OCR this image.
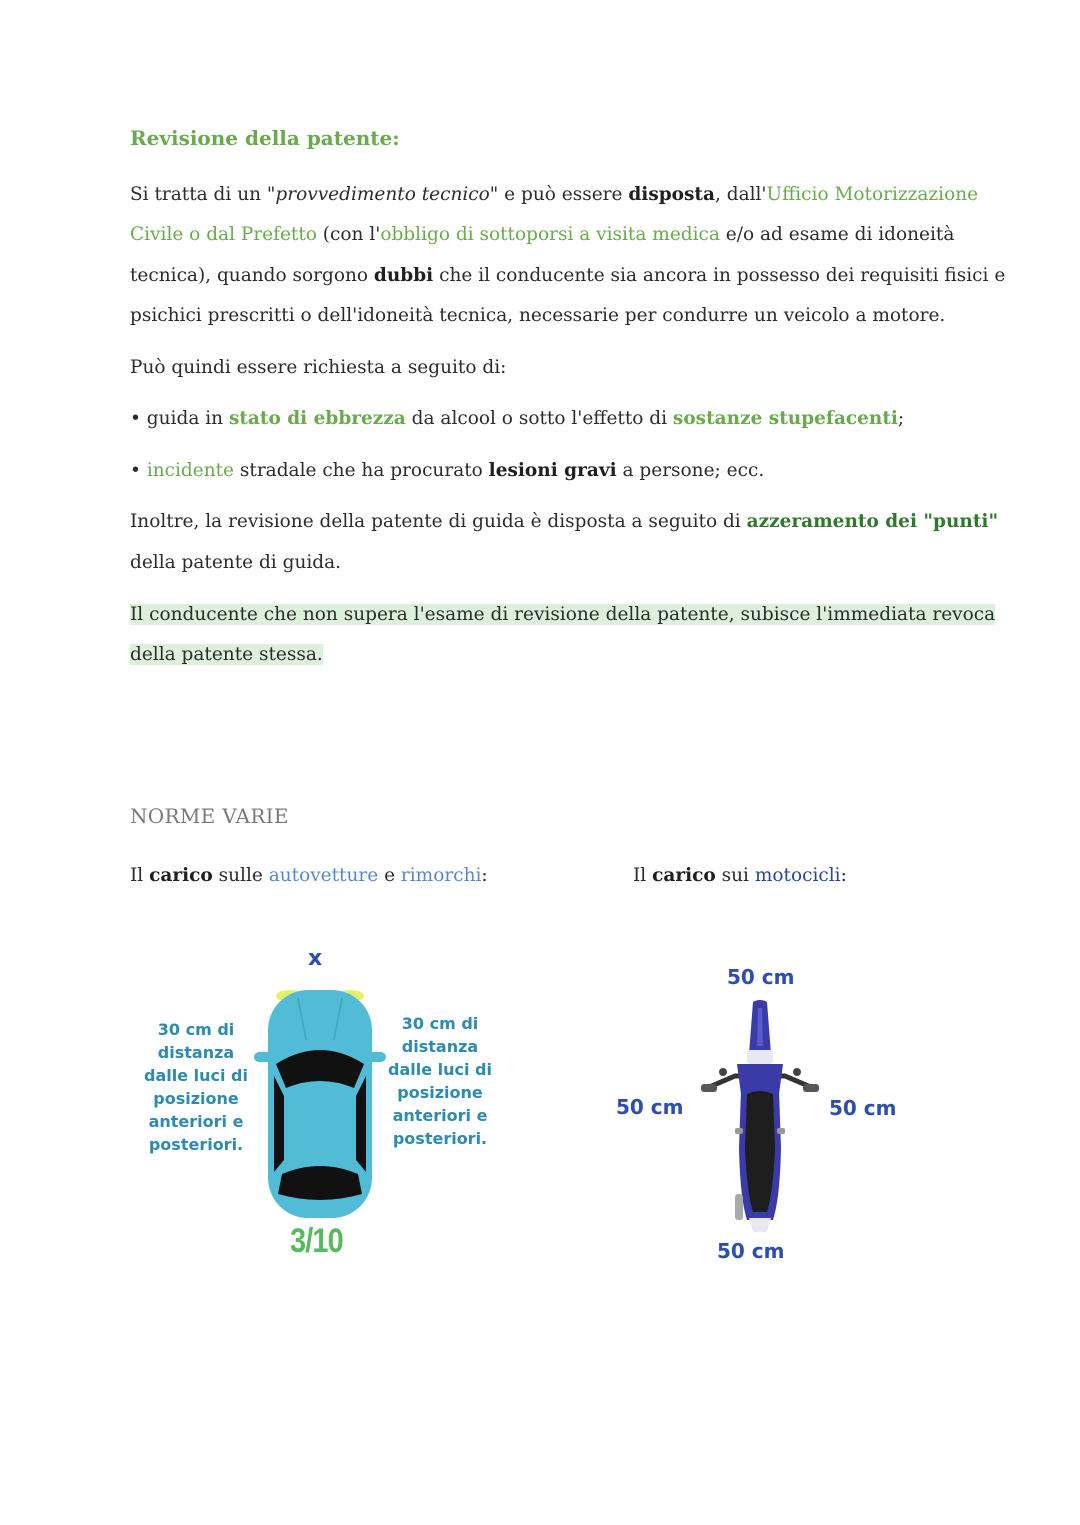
Revisione della patente:
Si tratta di un "provvedimento tecnico" e può essere disposta, dall'Ufficio Motorizzazione
Civile o dal Prefetto (con l'obbligo di sottoporsi a visita medica e/o ad esame di idoneità
tecnica), quando sorgono dubbi che il conducente sia ancora in possesso dei requisiti fisici e
psichici prescritti o dell'idoneità tecnica, necessarie per condurre un veicolo a motore.
Può quindi essere richiesta a seguito di:
• guida in stato di ebbrezza da alcool o sotto l'effetto di sostanze stupefacenti;
• incidente stradale che ha procurato lesioni gravi a persone; ecc.
Inoltre, la revisione della patente di guida è disposta a seguito di azzeramento dei "punti"
della patente di guida.
Il conducente che non supera l'esame di revisione della patente, subisce l'immediata revoca
della patente stessa.
NORME VARIE
Il carico sulle autovetture e rimorchi:	Il carico sui motocicli:
x
30 cm di
distanza
dalle luci di
posizione
anteriori e
posteriori.
30 cm di
distanza
dalle luci di
posizione
anteriori e
posteriori.
3/10
50 cm
50 cm	50 cm
50 cm
